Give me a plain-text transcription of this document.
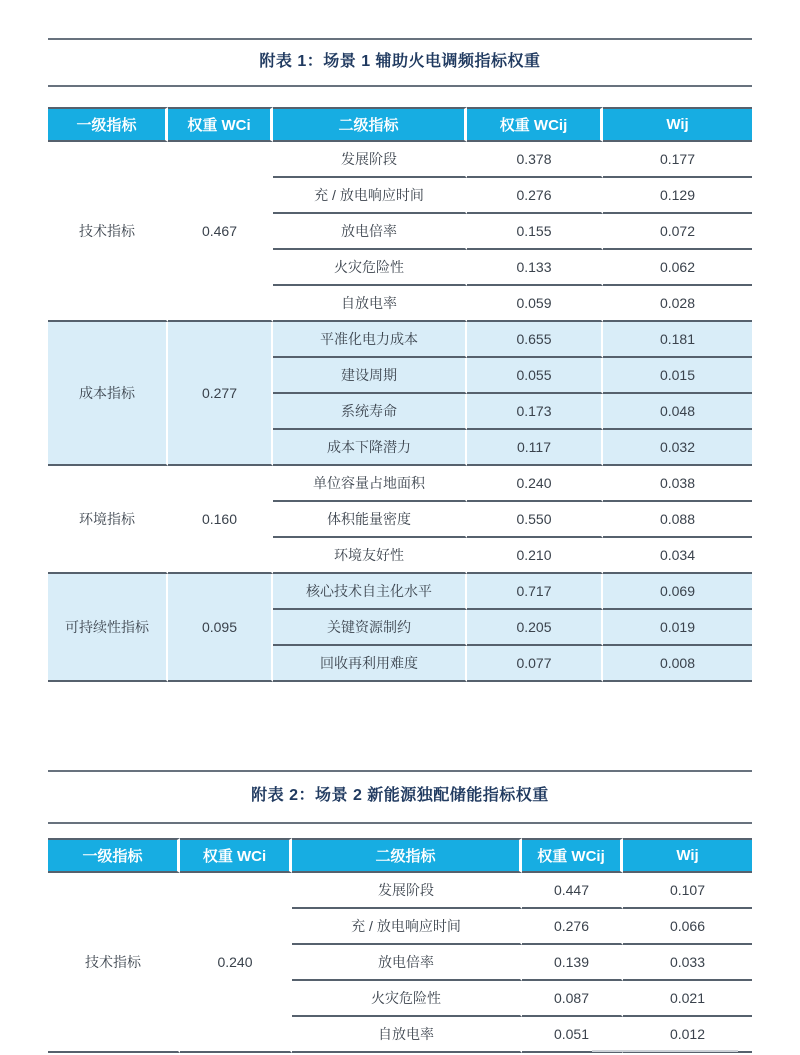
附表 1：场景 1 辅助火电调频指标权重
一级指标	权重 WCi	二级指标	权重 WCij	Wij
技术指标	0.467	发展阶段	0.378	0.177
		充 / 放电响应时间	0.276	0.129
		放电倍率	0.155	0.072
		火灾危险性	0.133	0.062
		自放电率	0.059	0.028
成本指标	0.277	平准化电力成本	0.655	0.181
		建设周期	0.055	0.015
		系统寿命	0.173	0.048
		成本下降潜力	0.117	0.032
环境指标	0.160	单位容量占地面积	0.240	0.038
		体积能量密度	0.550	0.088
		环境友好性	0.210	0.034
可持续性指标	0.095	核心技术自主化水平	0.717	0.069
		关键资源制约	0.205	0.019
		回收再利用难度	0.077	0.008
附表 2：场景 2 新能源独配储能指标权重
一级指标	权重 WCi	二级指标	权重 WCij	Wij
技术指标	0.240	发展阶段	0.447	0.107
		充 / 放电响应时间	0.276	0.066
		放电倍率	0.139	0.033
		火灾危险性	0.087	0.021
		自放电率	0.051	0.012
